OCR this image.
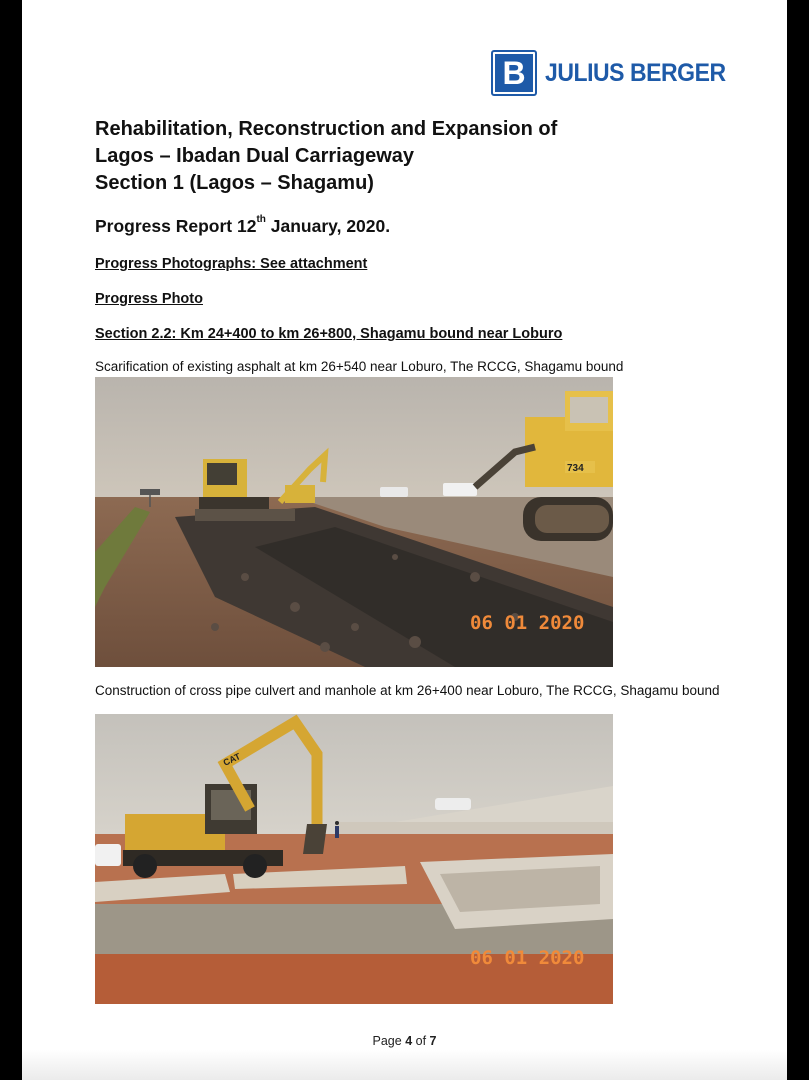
B JULIUS BERGER
Rehabilitation, Reconstruction and Expansion of
Lagos – Ibadan Dual Carriageway
Section 1 (Lagos – Shagamu)
Progress Report 12th January, 2020.
Progress Photographs: See attachment
Progress Photo
Section 2.2: Km 24+400 to km 26+800, Shagamu bound near Loburo
Scarification of existing asphalt at km 26+540 near Loburo, The RCCG, Shagamu bound
734
06 01 2020
Construction of cross pipe culvert and manhole at km 26+400 near Loburo, The RCCG, Shagamu bound
CAT
06 01 2020
Page 4 of 7
